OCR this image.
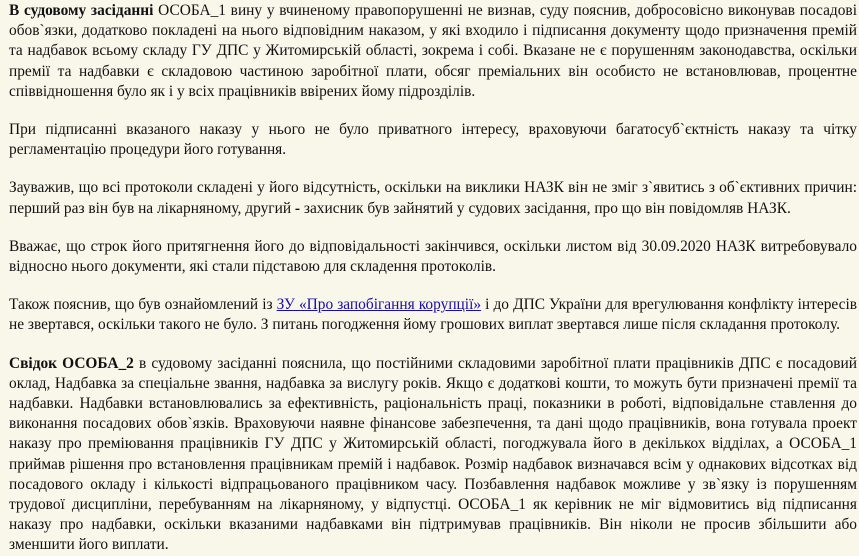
В судовому засіданні ОСОБА_1 вину у вчиненому правопорушенні не визнав, суду пояснив, добросовісно виконував посадові обов`язки, додатково покладені на нього відповідним наказом, у які входило і підписання документу щодо призначення премій та надбавок всьому складу ГУ ДПС у Житомирській області, зокрема і собі. Вказане не є порушенням законодавства, оскільки премії та надбавки є складовою частиною заробітної плати, обсяг преміальних він особисто не встановлював, процентне співвідношення було як і у всіх працівників ввірених йому підрозділів.

При підписанні вказаного наказу у нього не було приватного інтересу, враховуючи багатосуб`єктність наказу та чітку регламентацію процедури його готування.

Зауважив, що всі протоколи складені у його відсутність, оскільки на виклики НАЗК він не зміг з`явитись з об`єктивних причин: перший раз він був на лікарняному, другий - захисник був зайнятий у судових засідання, про що він повідомляв НАЗК.

Вважає, що строк його притягнення його до відповідальності закінчився, оскільки листом від 30.09.2020 НАЗК витребовувало відносно нього документи, які стали підставою для складення протоколів.

Також пояснив, що був ознайомлений із ЗУ «Про запобігання корупції» і до ДПС України для врегулювання конфлікту інтересів не звертався, оскільки такого не було. З питань погодження йому грошових виплат звертався лише після складання протоколу.

Свідок ОСОБА_2 в судовому засіданні пояснила, що постійними складовими заробітної плати працівників ДПС є посадовий оклад, Надбавка за спеціальне звання, надбавка за вислугу років. Якщо є додаткові кошти, то можуть бути призначені премії та надбавки. Надбавки встановлювались за ефективність, раціональність праці, показники в роботі, відповідальне ставлення до виконання посадових обов`язків. Враховуючи наявне фінансове забезпечення, та дані щодо працівників, вона готувала проект наказу про преміювання працівників ГУ ДПС у Житомирській області, погоджувала його в декількох відділах, а ОСОБА_1 приймав рішення про встановлення працівникам премій і надбавок. Розмір надбавок визначався всім у однакових відсотках від посадового окладу і кількості відпрацьованого працівником часу. Позбавлення надбавок можливе у зв`язку із порушенням трудової дисципліни, перебуванням на лікарняному, у відпустці. ОСОБА_1 як керівник не міг відмовитись від підписання наказу про надбавки, оскільки вказаними надбавками він підтримував працівників. Він ніколи не просив збільшити або зменшити його виплати.
